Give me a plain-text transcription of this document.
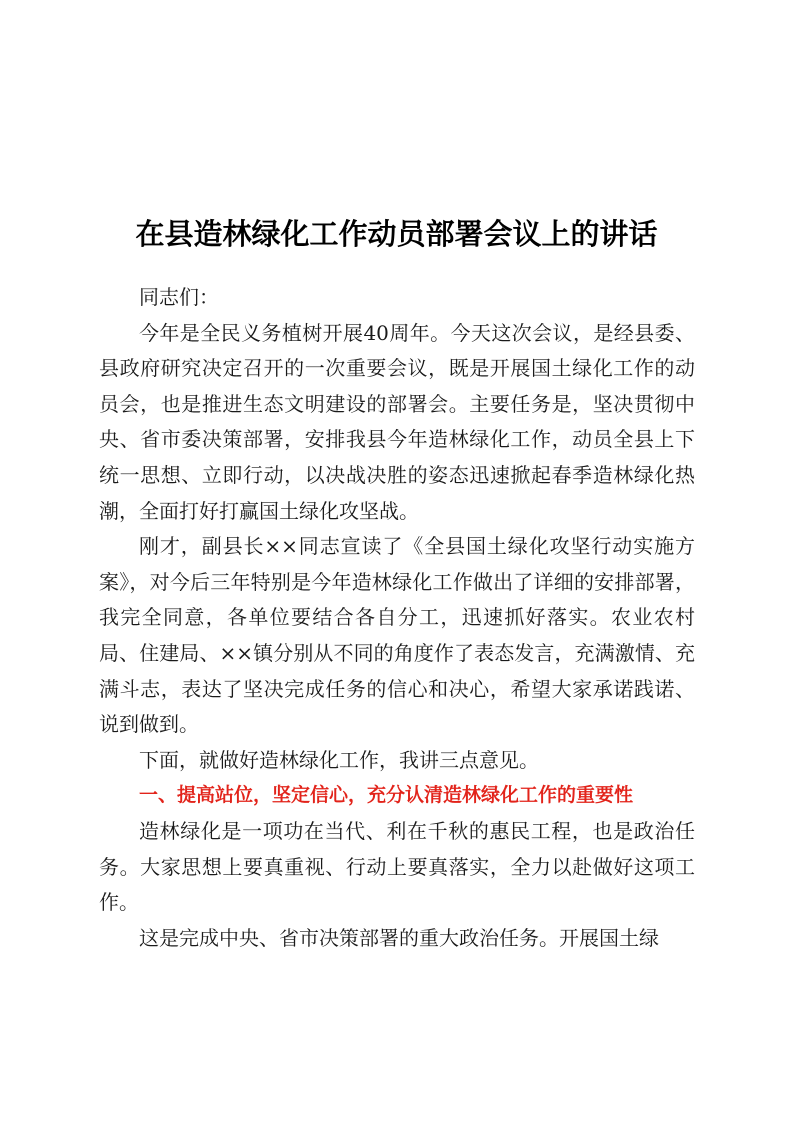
在县造林绿化工作动员部署会议上的讲话

同志们：

今年是全民义务植树开展40周年。今天这次会议，是经县委、县政府研究决定召开的一次重要会议，既是开展国土绿化工作的动员会，也是推进生态文明建设的部署会。主要任务是，坚决贯彻中央、省市委决策部署，安排我县今年造林绿化工作，动员全县上下统一思想、立即行动，以决战决胜的姿态迅速掀起春季造林绿化热潮，全面打好打赢国土绿化攻坚战。

刚才，副县长××同志宣读了《全县国土绿化攻坚行动实施方案》，对今后三年特别是今年造林绿化工作做出了详细的安排部署，我完全同意，各单位要结合各自分工，迅速抓好落实。农业农村局、住建局、××镇分别从不同的角度作了表态发言，充满激情、充满斗志，表达了坚决完成任务的信心和决心，希望大家承诺践诺、说到做到。

下面，就做好造林绿化工作，我讲三点意见。

一、提高站位，坚定信心，充分认清造林绿化工作的重要性

造林绿化是一项功在当代、利在千秋的惠民工程，也是政治任务。大家思想上要真重视、行动上要真落实，全力以赴做好这项工作。

这是完成中央、省市决策部署的重大政治任务。开展国土绿
